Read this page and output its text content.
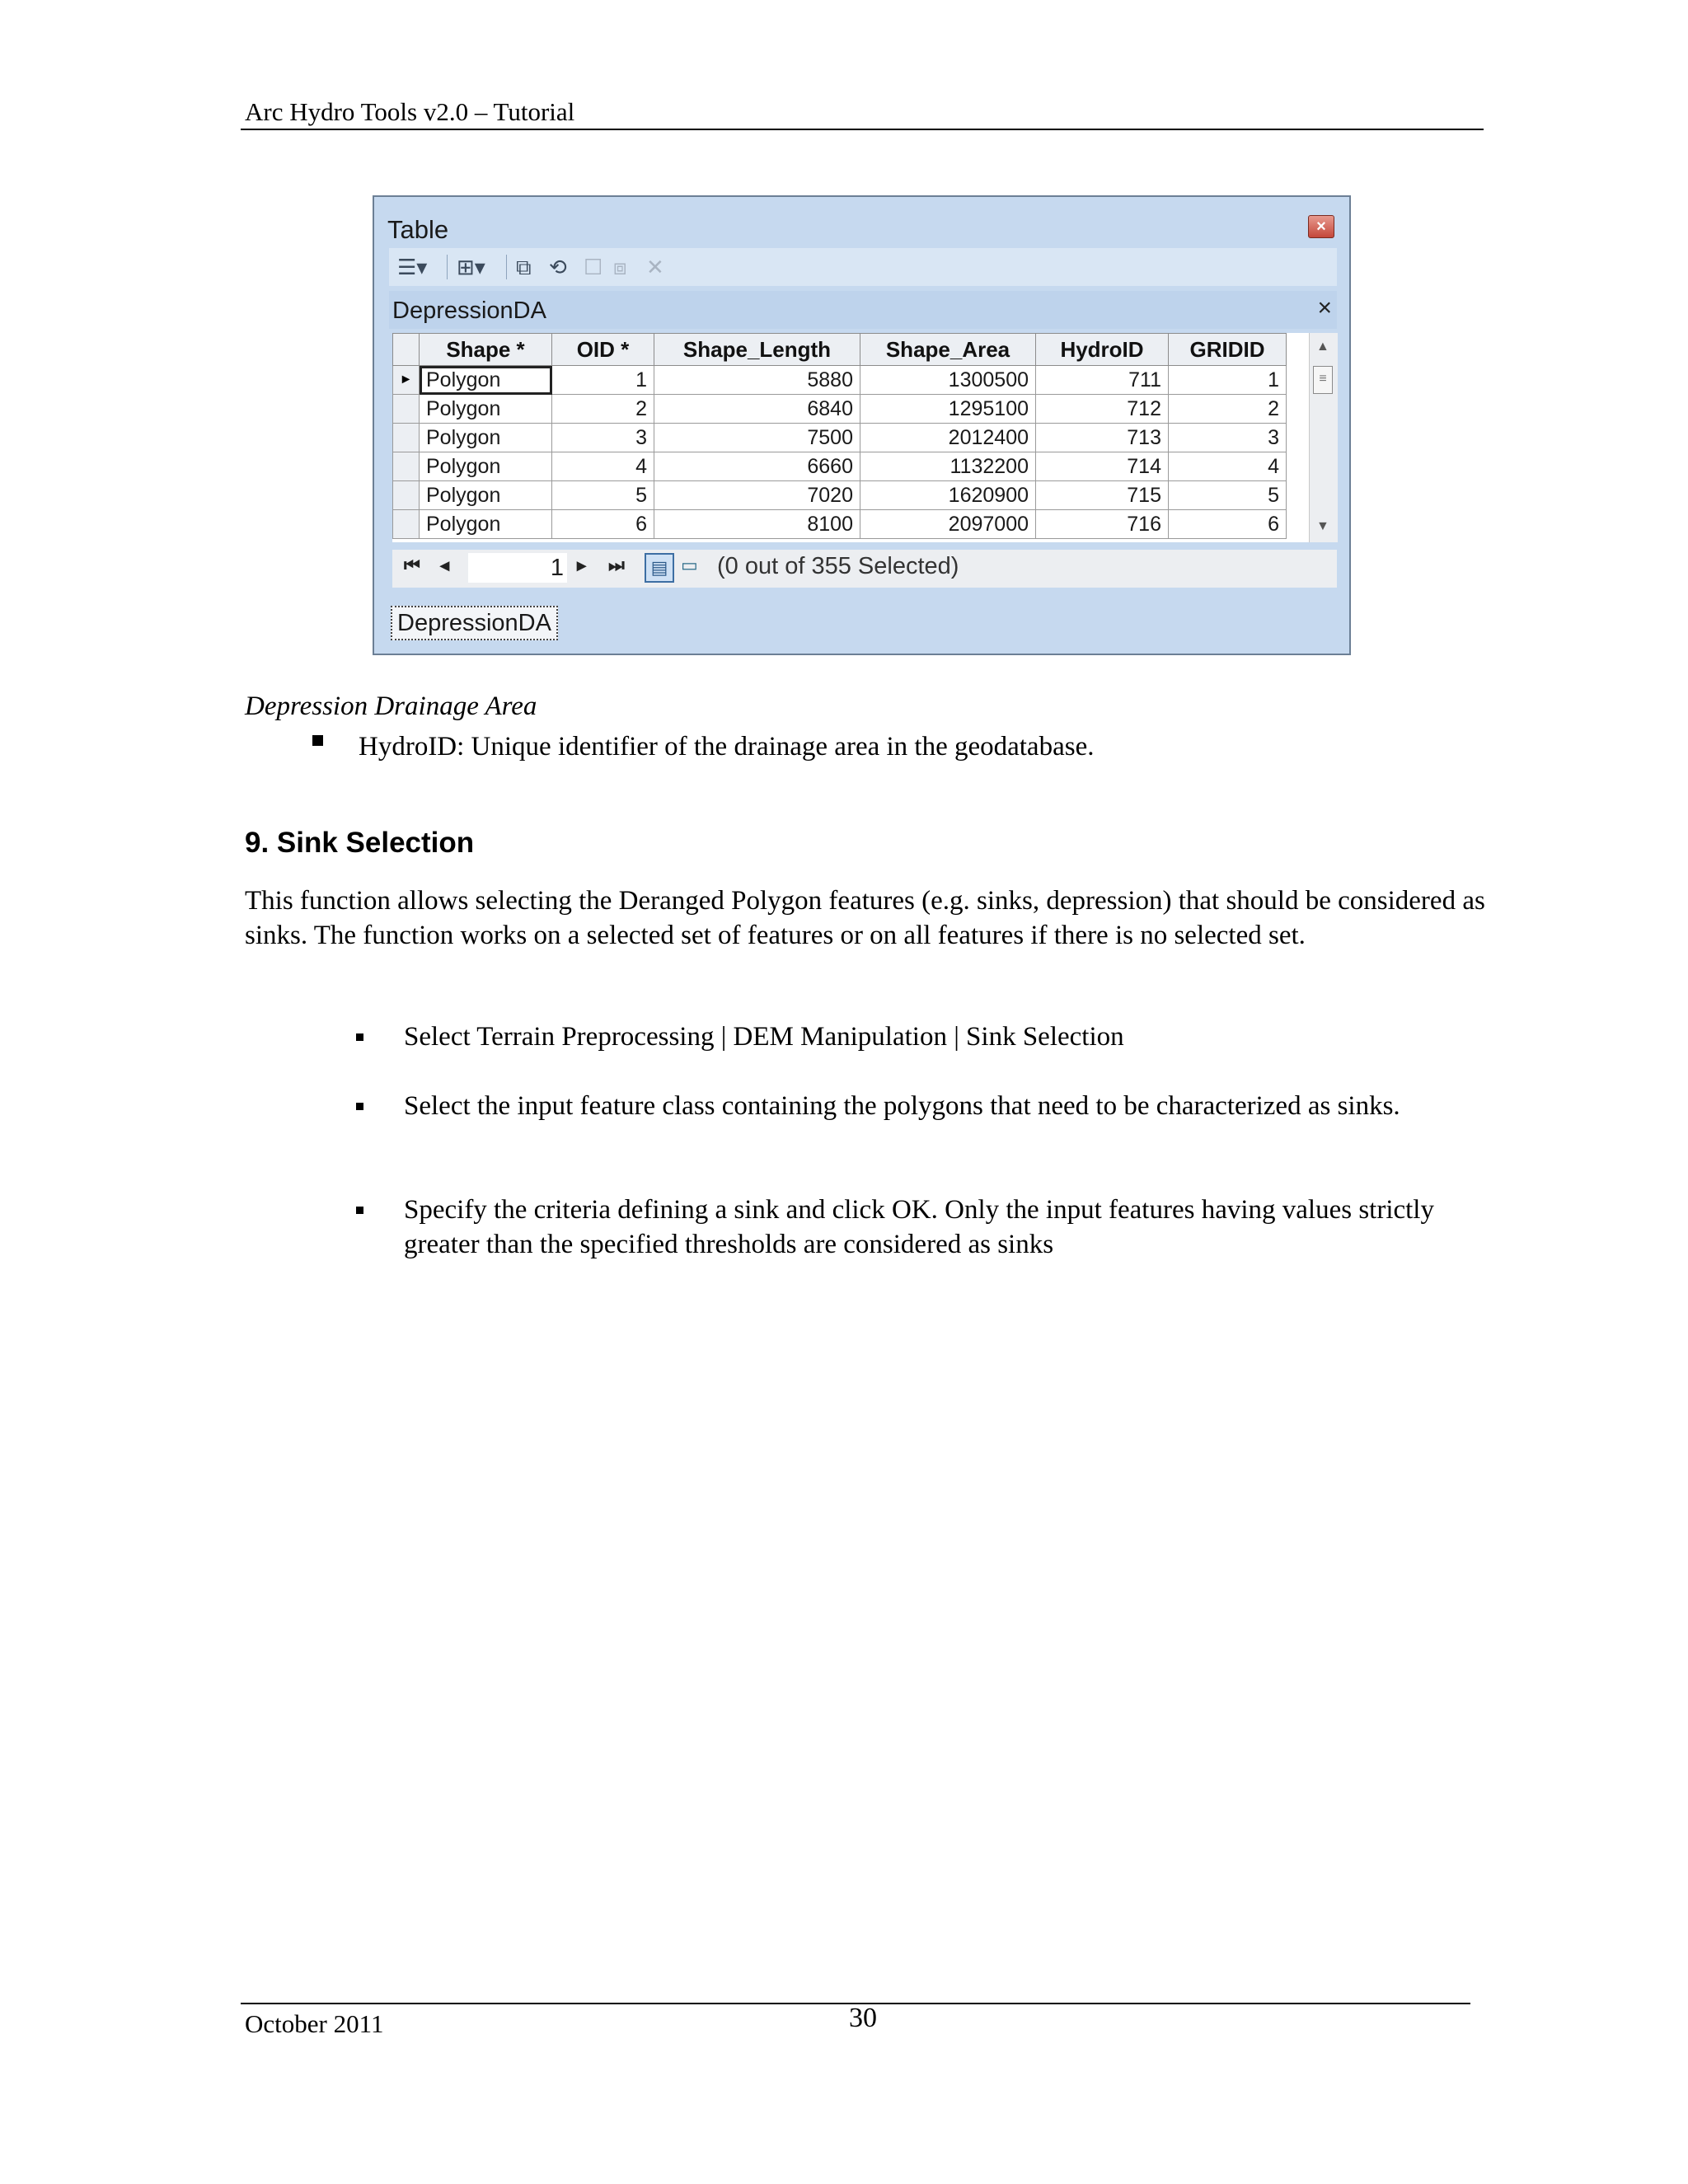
Arc Hydro Tools v2.0 – Tutorial
Table	×
☰▾ ⊞▾ ⧉ ⟲ ☐ ⧈ ✕
DepressionDA	×
	Shape *	OID *	Shape_Length	Shape_Area	HydroID	GRIDID
►	Polygon	1	5880	1300500	711	1
	Polygon	2	6840	1295100	712	2
	Polygon	3	7500	2012400	713	3
	Polygon	4	6660	1132200	714	4
	Polygon	5	7020	1620900	715	5
	Polygon	6	8100	2097000	716	6
▲
≡
▼
⏮ ◂	1 ▸ ⏭	▤ ▭ (0 out of 355 Selected)
DepressionDA
Depression Drainage Area
HydroID: Unique identifier of the drainage area in the geodatabase.
9. Sink Selection
This function allows selecting the Deranged Polygon features (e.g. sinks, depression) that should be considered as sinks. The function works on a selected set of features or on all features if there is no selected set.
Select Terrain Preprocessing | DEM Manipulation | Sink Selection
Select the input feature class containing the polygons that need to be characterized as sinks.
Specify the criteria defining a sink and click OK. Only the input features having values strictly greater than the specified thresholds are considered as sinks
October 2011	30
